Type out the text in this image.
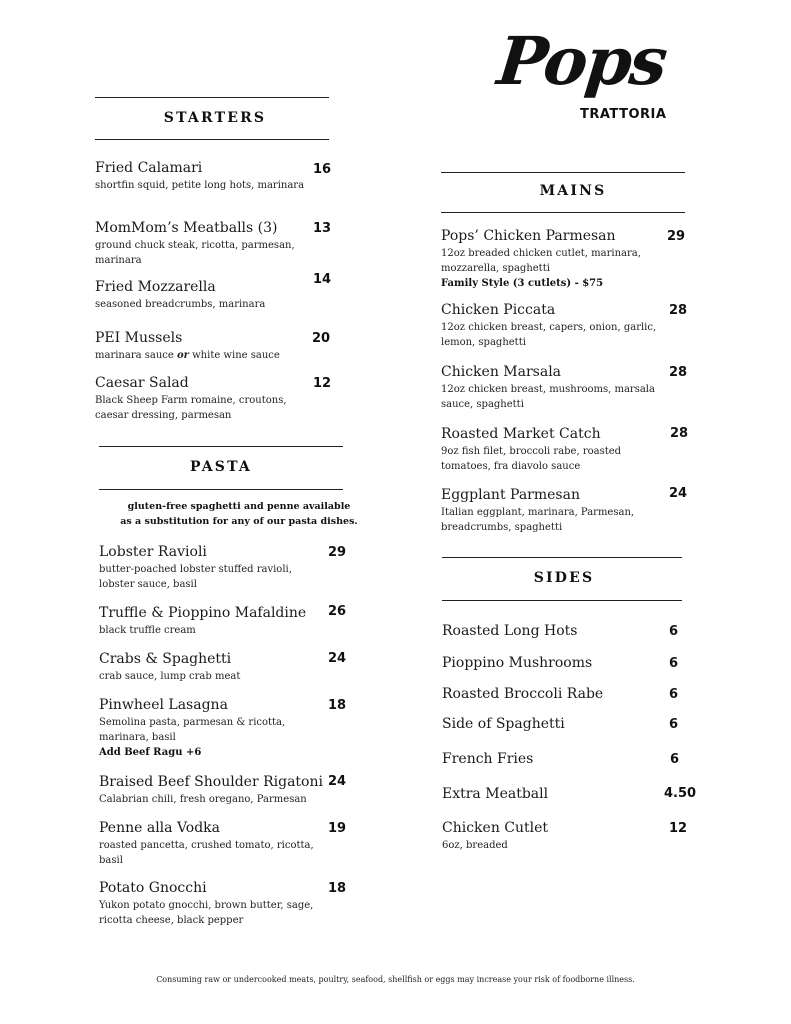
Pops
TRATTORIA
STARTERS
Fried Calamari
shortfin squid, petite long hots, marinara
16
MomMom’s Meatballs (3)
ground chuck steak, ricotta, parmesan, marinara
13
Fried Mozzarella
seasoned breadcrumbs, marinara
14
PEI Mussels
marinara sauce or white wine sauce
20
Caesar Salad
Black Sheep Farm romaine, croutons, caesar dressing, parmesan
12
PASTA
gluten-free spaghetti and penne available
as a substitution for any of our pasta dishes.
Lobster Ravioli
butter-poached lobster stuffed ravioli, lobster sauce, basil
29
Truffle & Pioppino Mafaldine
black truffle cream
26
Crabs & Spaghetti
crab sauce, lump crab meat
24
Pinwheel Lasagna
Semolina pasta, parmesan & ricotta, marinara, basil
Add Beef Ragu +6
18
Braised Beef Shoulder Rigatoni
Calabrian chili, fresh oregano, Parmesan
24
Penne alla Vodka
roasted pancetta, crushed tomato, ricotta, basil
19
Potato Gnocchi
Yukon potato gnocchi, brown butter, sage, ricotta cheese, black pepper
18
MAINS
Pops’ Chicken Parmesan
12oz breaded chicken cutlet, marinara, mozzarella, spaghetti
Family Style (3 cutlets) - $75
29
Chicken Piccata
12oz chicken breast, capers, onion, garlic, lemon, spaghetti
28
Chicken Marsala
12oz chicken breast, mushrooms, marsala sauce, spaghetti
28
Roasted Market Catch
9oz fish filet, broccoli rabe, roasted tomatoes, fra diavolo sauce
28
Eggplant Parmesan
Italian eggplant, marinara, Parmesan, breadcrumbs, spaghetti
24
SIDES
Roasted Long Hots	6
Pioppino Mushrooms	6
Roasted Broccoli Rabe	6
Side of Spaghetti	6
French Fries	6
Extra Meatball	4.50
Chicken Cutlet
6oz, breaded
12
Consuming raw or undercooked meats, poultry, seafood, shellfish or eggs may increase your risk of foodborne illness.
